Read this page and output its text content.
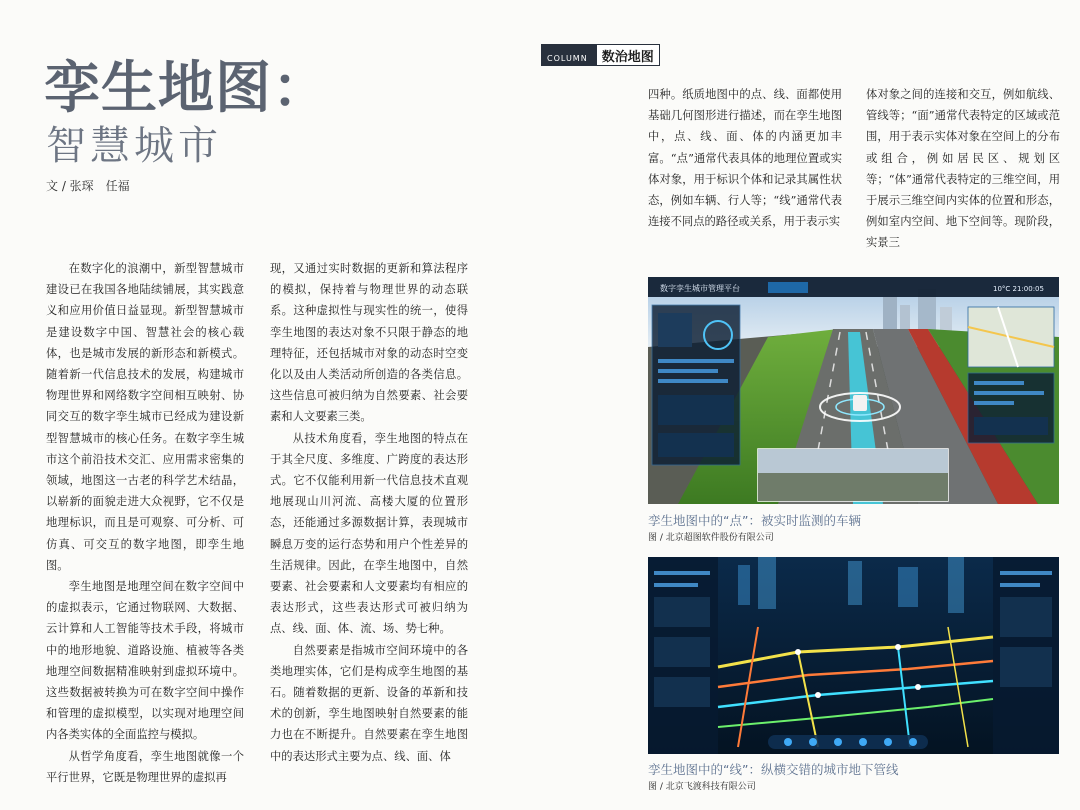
孪生地图：
智慧城市
文 / 张琛　任福
COLUMN	数治地图

在数字化的浪潮中，新型智慧城市建设已在我国各地陆续铺展，其实践意义和应用价值日益显现。新型智慧城市是建设数字中国、智慧社会的核心载体，也是城市发展的新形态和新模式。随着新一代信息技术的发展，构建城市物理世界和网络数字空间相互映射、协同交互的数字孪生城市已经成为建设新型智慧城市的核心任务。在数字孪生城市这个前沿技术交汇、应用需求密集的领域，地图这一古老的科学艺术结晶，以崭新的面貌走进大众视野，它不仅是地理标识，而且是可观察、可分析、可仿真、可交互的数字地图，即孪生地图。

孪生地图是地理空间在数字空间中的虚拟表示，它通过物联网、大数据、云计算和人工智能等技术手段，将城市中的地形地貌、道路设施、植被等各类地理空间数据精准映射到虚拟环境中。这些数据被转换为可在数字空间中操作和管理的虚拟模型，以实现对地理空间内各类实体的全面监控与模拟。

从哲学角度看，孪生地图就像一个平行世界，它既是物理世界的虚拟再

现，又通过实时数据的更新和算法程序的模拟，保持着与物理世界的动态联系。这种虚拟性与现实性的统一，使得孪生地图的表达对象不只限于静态的地理特征，还包括城市对象的动态时空变化以及由人类活动所创造的各类信息。这些信息可被归纳为自然要素、社会要素和人文要素三类。

从技术角度看，孪生地图的特点在于其全尺度、多维度、广跨度的表达形式。它不仅能利用新一代信息技术直观地展现山川河流、高楼大厦的位置形态，还能通过多源数据计算，表现城市瞬息万变的运行态势和用户个性差异的生活规律。因此，在孪生地图中，自然要素、社会要素和人文要素均有相应的表达形式，这些表达形式可被归纳为点、线、面、体、流、场、势七种。

自然要素是指城市空间环境中的各类地理实体，它们是构成孪生地图的基石。随着数据的更新、设备的革新和技术的创新，孪生地图映射自然要素的能力也在不断提升。自然要素在孪生地图中的表达形式主要为点、线、面、体

四种。纸质地图中的点、线、面都使用基础几何图形进行描述，而在孪生地图中，点、线、面、体的内涵更加丰富。“点”通常代表具体的地理位置或实体对象，用于标识个体和记录其属性状态，例如车辆、行人等；“线”通常代表连接不同点的路径或关系，用于表示实

体对象之间的连接和交互，例如航线、管线等；“面”通常代表特定的区域或范围，用于表示实体对象在空间上的分布或组合，例如居民区、规划区等；“体”通常代表特定的三维空间，用于展示三维空间内实体的位置和形态，例如室内空间、地下空间等。现阶段，实景三

数字孪生城市管理平台	10°C 21:00:05
孪生地图中的“点”：被实时监测的车辆
图 / 北京超图软件股份有限公司
孪生地图中的“线”：纵横交错的城市地下管线
图 / 北京飞渡科技有限公司
